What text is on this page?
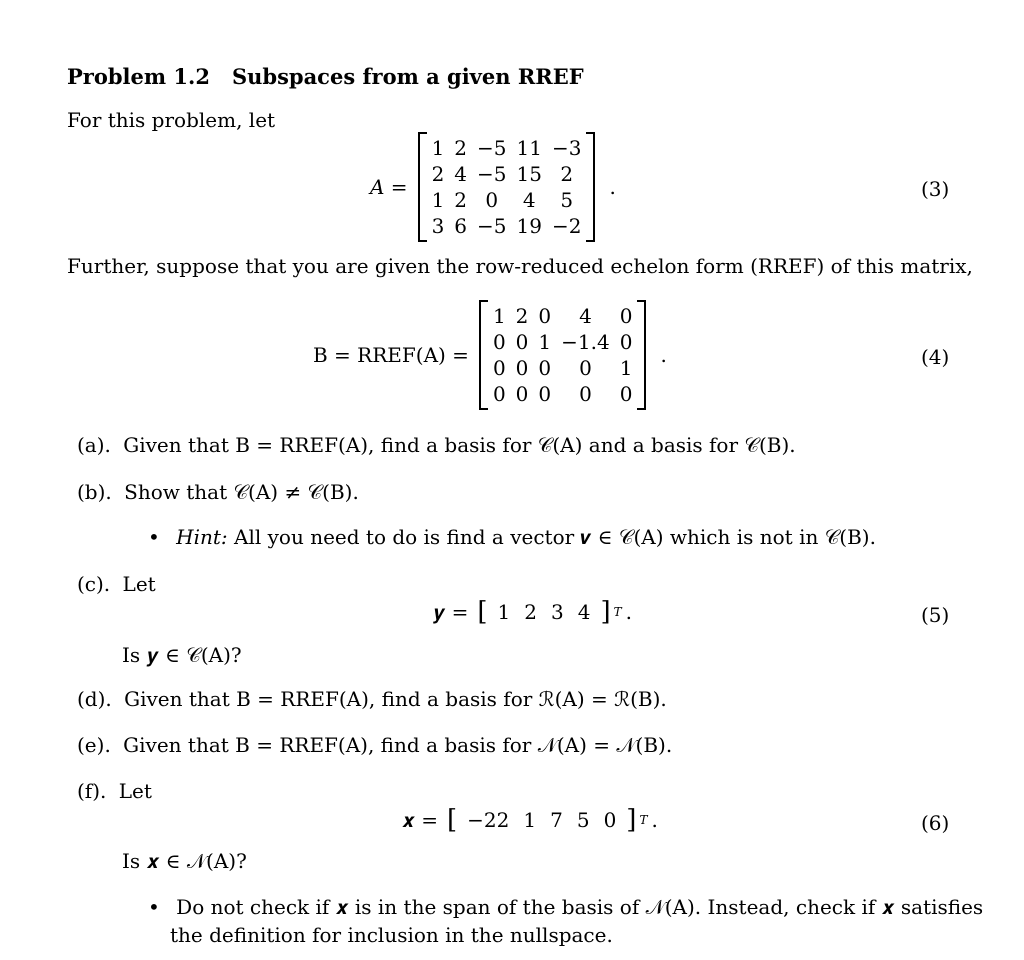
Problem 1.2 Subspaces from a given RREF
For this problem, let
A =
1	2	−5	11	−3
2	4	−5	15	2
1	2	0	4	5
3	6	−5	19	−2
.	(3)
Further, suppose that you are given the row-reduced echelon form (RREF) of this matrix,
B = RREF(A) =
1	2	0	4	0
0	0	1	−1.4	0
0	0	0	0	1
0	0	0	0	0
.	(4)
(a). Given that B = RREF(A), find a basis for 𝒞(A) and a basis for 𝒞(B).
(b). Show that 𝒞(A) ≠ 𝒞(B).
• Hint: All you need to do is find a vector 𝒗 ∈ 𝒞(A) which is not in 𝒞(B).
(c). Let
𝒚 = [ 1 2 3 4 ] T .	(5)
Is 𝒚 ∈ 𝒞(A)?
(d). Given that B = RREF(A), find a basis for ℛ(A) = ℛ(B).
(e). Given that B = RREF(A), find a basis for 𝒩(A) = 𝒩(B).
(f). Let
𝒙 = [ −22 1 7 5 0 ] T .	(6)
Is 𝒙 ∈ 𝒩(A)?
• Do not check if 𝒙 is in the span of the basis of 𝒩(A). Instead, check if 𝒙 satisfies
the definition for inclusion in the nullspace.
